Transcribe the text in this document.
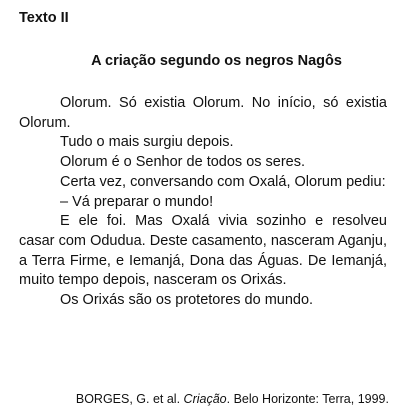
Texto II
A criação segundo os negros Nagôs

Olorum. Só existia Olorum. No início, só existia Olorum.

Tudo o mais surgiu depois.

Olorum é o Senhor de todos os seres.

Certa vez, conversando com Oxalá, Olorum pediu:

– Vá preparar o mundo!

E ele foi. Mas Oxalá vivia sozinho e resolveu casar com Odudua. Deste casamento, nasceram Aganju, a Terra Firme, e Iemanjá, Dona das Águas. De Iemanjá, muito tempo depois, nasceram os Orixás.

Os Orixás são os protetores do mundo.

BORGES, G. et al. Criação. Belo Horizonte: Terra, 1999.
